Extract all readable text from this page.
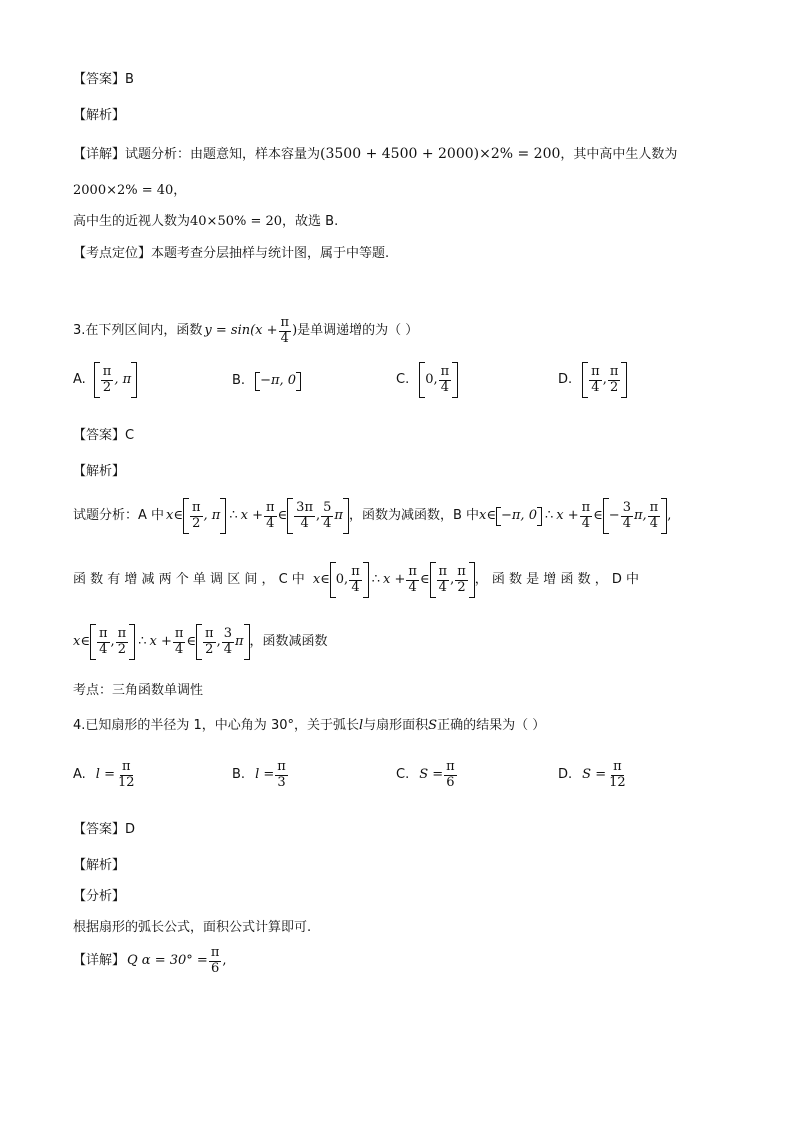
【答案】B
【解析】
【详解】试题分析：由题意知，样本容量为(3500 + 4500 + 2000)×2% = 200，其中高中生人数为
2000×2% = 40，
高中生的近视人数为40×50% = 20，故选 B.
【考点定位】本题考查分层抽样与统计图，属于中等题.
3.在下列区间内，函数 $y = \sin(x + \frac{\pi}{4}$ ) 是单调递增的为（ ）
A. $\frac{\pi}{2}$ , π	B. −π, 0	C. 0, $\frac{\pi}{4}$	D. $\frac{\pi}{4}$ , $\frac{\pi}{2}$
【答案】C
【解析】
试题分析：A 中 x ∈ $\frac{\pi}{2}$ , π ∴ $x + \frac{\pi}{4}$ ∈ $\frac{3\pi}{4}$ , $\frac{5}{4}$ π ，函数为减函数，B 中 x ∈ −π, 0 ∴ $x + \frac{\pi}{4}$ ∈ − $\frac{3}{4} \pi$, $\frac{\pi}{4}$ ,
函 数 有 增 减 两 个 单 调 区 间 ， C 中 x ∈ 0, $\frac{\pi}{4}$ ∴ $x + \frac{\pi}{4}$ ∈ $\frac{\pi}{4}$ , $\frac{\pi}{2}$ ， 函 数 是 增 函 数 ， D 中
x ∈ $\frac{\pi}{4}$ , $\frac{\pi}{2}$ ∴ $x + \frac{\pi}{4}$ ∈ $\frac{\pi}{2}$ , $\frac{3}{4}$ π ，函数减函数
考点：三角函数单调性
4.已知扇形的半径为 1，中心角为 30°，关于弧长l与扇形面积S正确的结果为（ ）
A. $l = \frac{\pi}{12}$	B. $l = \frac{\pi}{3}$	C. $S = \frac{\pi}{6}$	D. $S = \frac{\pi}{12}$
【答案】D
【解析】
【分析】
根据扇形的弧长公式，面积公式计算即可.
【详解】 Q $\alpha = 30^\circ = \frac{\pi}{6}$ ,
